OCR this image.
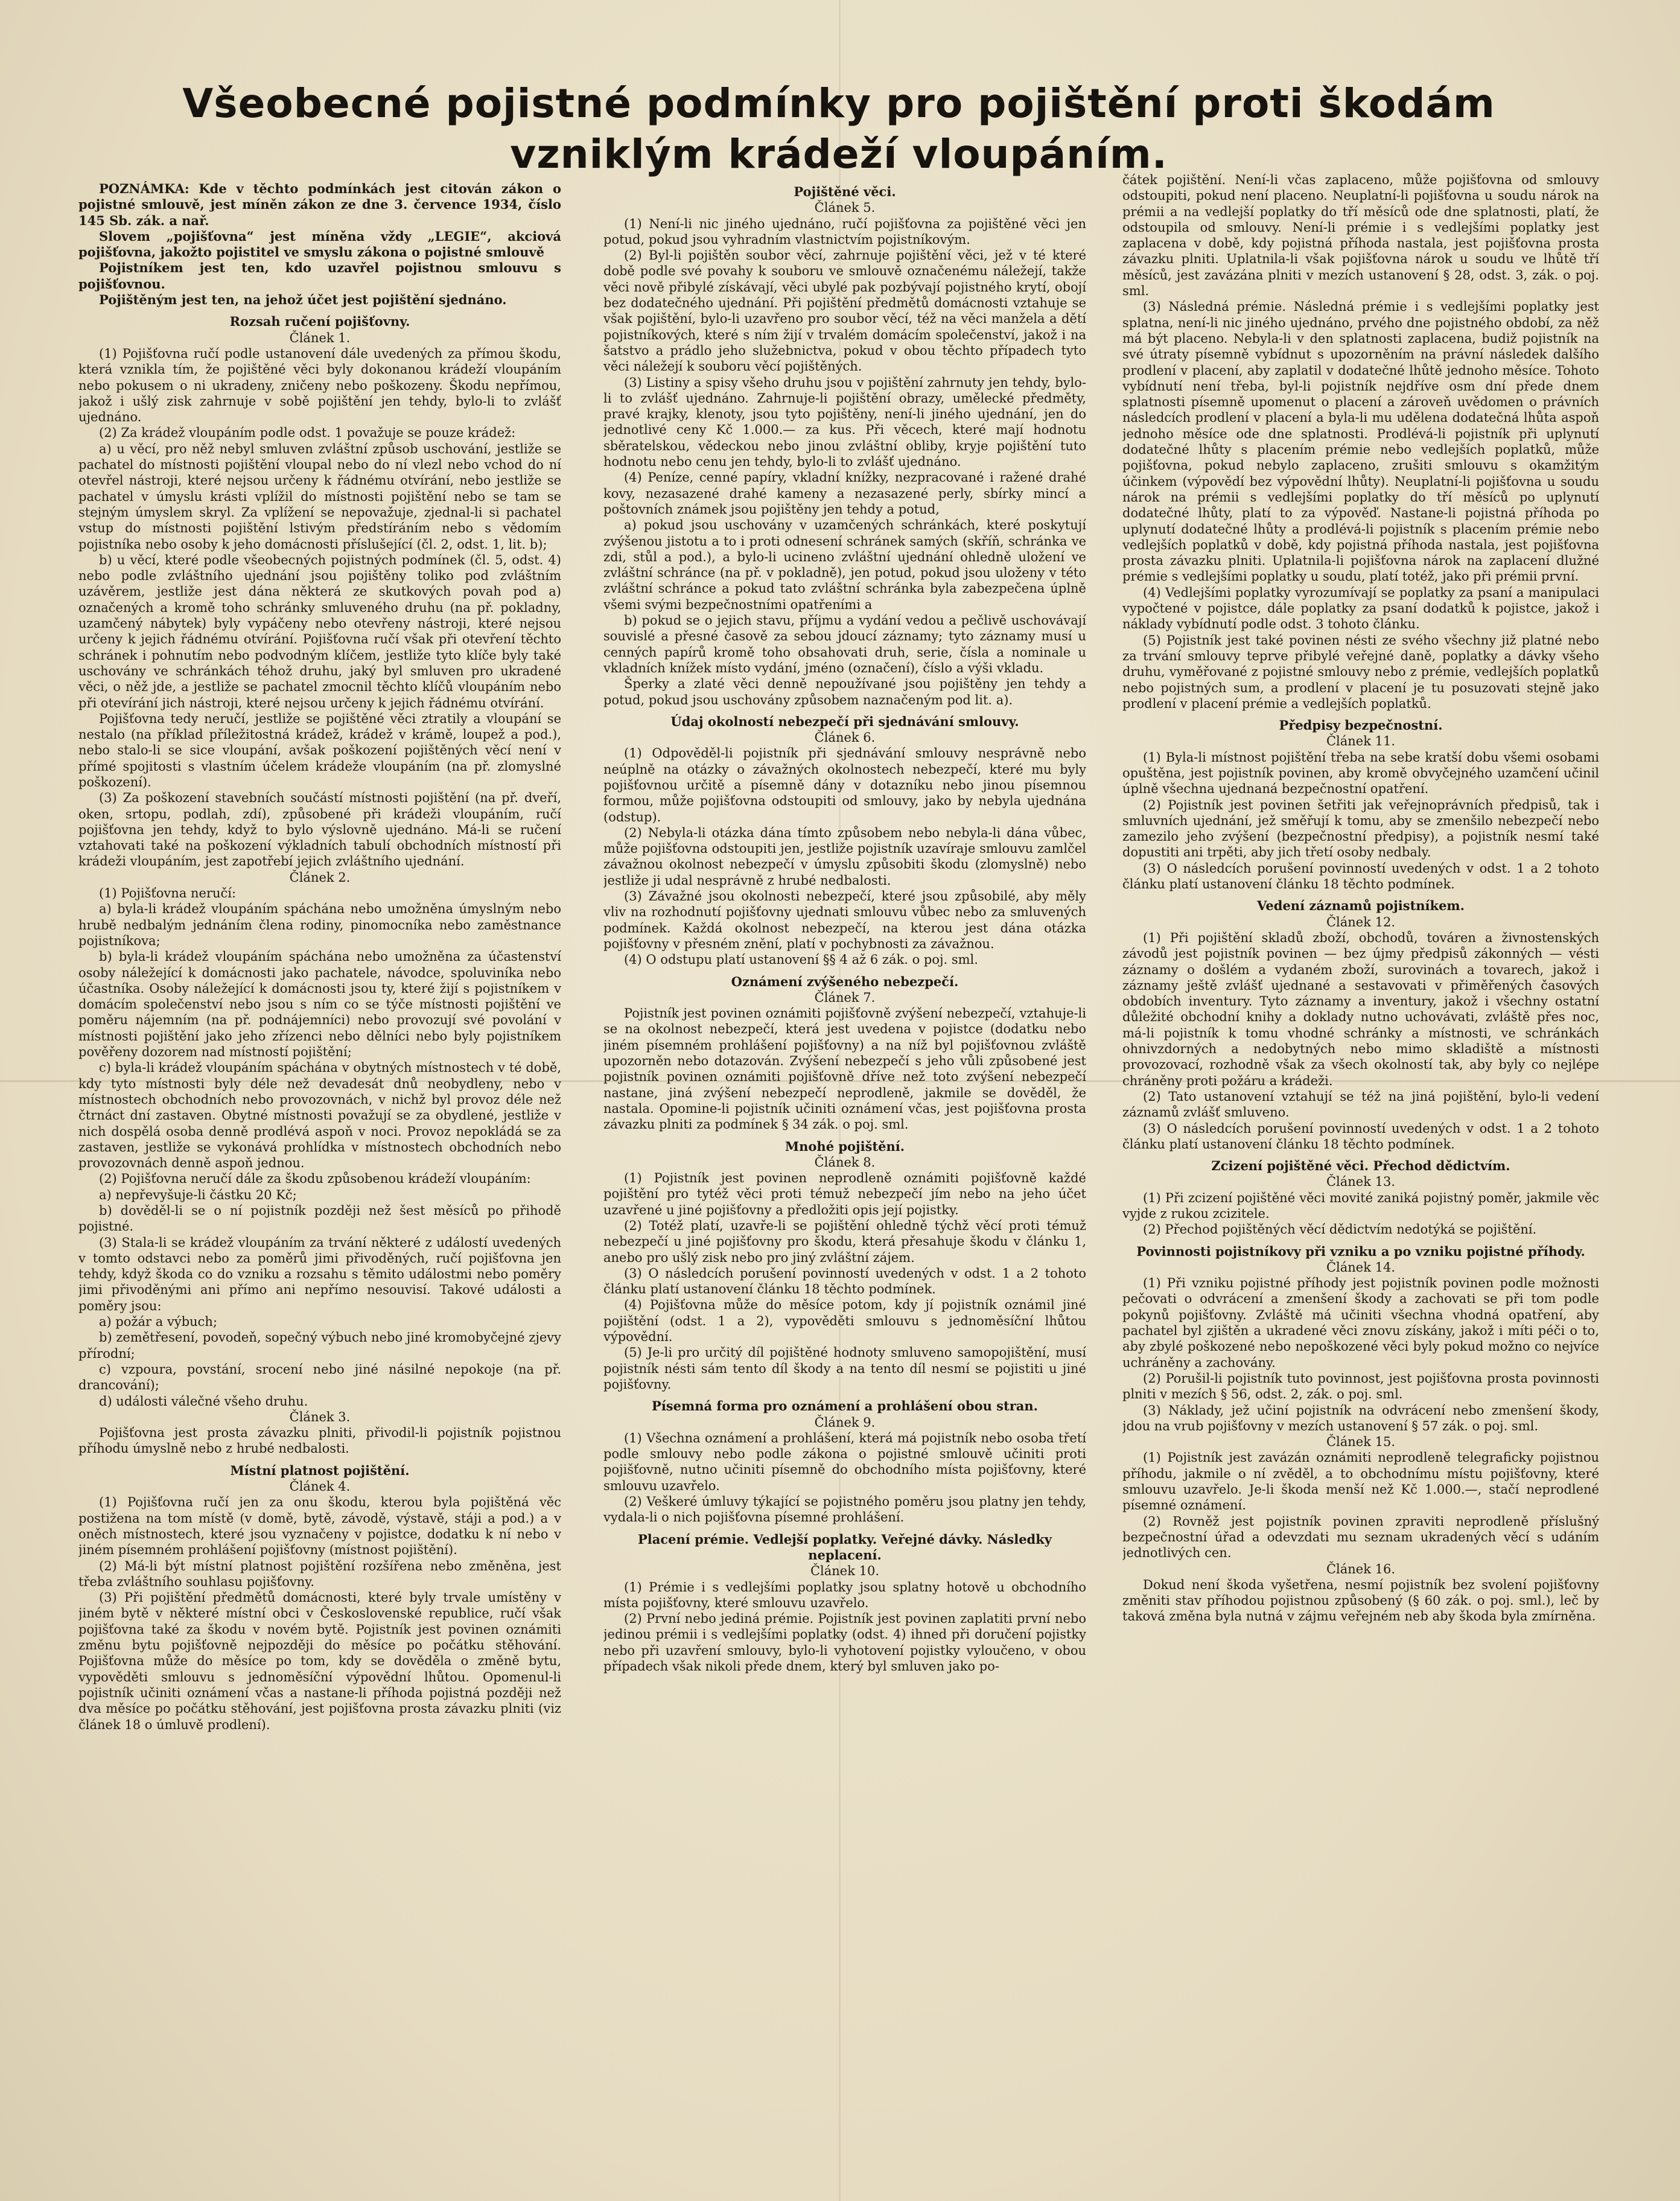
Všeobecné pojistné podmínky pro pojištění proti škodám vzniklým krádeží vloupáním.

POZNÁMKA: Kde v těchto podmínkách jest citován zákon o pojistné smlouvě, jest míněn zákon ze dne 3. července 1934, číslo 145 Sb. zák. a nař.

Slovem „pojišťovna“ jest míněna vždy „LEGIE“, akciová pojišťovna, jakožto pojistitel ve smyslu zákona o pojistné smlouvě

Pojistníkem jest ten, kdo uzavřel pojistnou smlouvu s pojišťovnou.

Pojištěným jest ten, na jehož účet jest pojištění sjednáno.

Rozsah ručení pojišťovny.

Článek 1.

(1) Pojišťovna ručí podle ustanovení dále uvedených za přímou škodu, která vznikla tím, že pojištěné věci byly dokonanou krádeží vloupáním nebo pokusem o ni ukradeny, zničeny nebo poškozeny. Škodu nepřímou, jakož i ušlý zisk zahrnuje v sobě pojištění jen tehdy, bylo-li to zvlášť ujednáno.

(2) Za krádež vloupáním podle odst. 1 považuje se pouze krádež:

a) u věcí, pro něž nebyl smluven zvláštní způsob uschování, jestliže se pachatel do místnosti pojištění vloupal nebo do ní vlezl nebo vchod do ní otevřel nástroji, které nejsou určeny k řádnému otvírání, nebo jestliže se pachatel v úmyslu krásti vplížil do místnosti pojištění nebo se tam se stejným úmyslem skryl. Za vplížení se nepovažuje, zjednal-li si pachatel vstup do místnosti pojištění lstivým předstíráním nebo s vědomím pojistníka nebo osoby k jeho domácnosti příslušející (čl. 2, odst. 1, lit. b);

b) u věcí, které podle všeobecných pojistných podmínek (čl. 5, odst. 4) nebo podle zvláštního ujednání jsou pojištěny toliko pod zvláštním uzávěrem, jestliže jest dána některá ze skutkových povah pod a) označených a kromě toho schránky smluveného druhu (na př. pokladny, uzamčený nábytek) byly vypáčeny nebo otevřeny nástroji, které nejsou určeny k jejich řádnému otvírání. Pojišťovna ručí však při otevření těchto schránek i pohnutím nebo podvodným klíčem, jestliže tyto klíče byly také uschovány ve schránkách téhož druhu, jaký byl smluven pro ukradené věci, o něž jde, a jestliže se pachatel zmocnil těchto klíčů vloupáním nebo při otevírání jich nástroji, které nejsou určeny k jejich řádnému otvírání.

Pojišťovna tedy neručí, jestliže se pojištěné věci ztratily a vloupání se nestalo (na příklad příležitostná krádež, krádež v krámě, loupež a pod.), nebo stalo-li se sice vloupání, avšak poškození pojištěných věcí není v přímé spojitosti s vlastním účelem krádeže vloupáním (na př. zlomyslné poškození).

(3) Za poškození stavebních součástí místnosti pojištění (na př. dveří, oken, srtopu, podlah, zdí), způsobené při krádeži vloupáním, ručí pojišťovna jen tehdy, když to bylo výslovně ujednáno. Má-li se ručení vztahovati také na poškození výkladních tabulí obchodních místností při krádeži vloupáním, jest zapotřebí jejich zvláštního ujednání.

Článek 2.

(1) Pojišťovna neručí:

a) byla-li krádež vloupáním spáchána nebo umožněna úmyslným nebo hrubě nedbalým jednáním člena rodiny, pinomocníka nebo zaměstnance pojistníkova;

b) byla-li krádež vloupáním spáchána nebo umožněna za účastenství osoby náležející k domácnosti jako pachatele, návodce, spoluviníka nebo účastníka. Osoby náležející k domácnosti jsou ty, které žijí s pojistníkem v domácím společenství nebo jsou s ním co se týče místnosti pojištění ve poměru nájemním (na př. podnájemníci) nebo provozují své povolání v místnosti pojištění jako jeho zřízenci nebo dělníci nebo byly pojistníkem pověřeny dozorem nad místností pojištění;

c) byla-li krádež vloupáním spáchána v obytných místnostech v té době, kdy tyto místnosti byly déle než devadesát dnů neobydleny, nebo v místnostech obchodních nebo provozovnách, v nichž byl provoz déle než čtrnáct dní zastaven. Obytné místnosti považují se za obydlené, jestliže v nich dospělá osoba denně prodlévá aspoň v noci. Provoz nepokládá se za zastaven, jestliže se vykonává prohlídka v místnostech obchodních nebo provozovnách denně aspoň jednou.

(2) Pojišťovna neručí dále za škodu způsobenou krádeží vloupáním:

a) nepřevyšuje-li částku 20 Kč;

b) dověděl-li se o ní pojistník později než šest měsíců po přihodě pojistné.

(3) Stala-li se krádež vloupáním za trvání některé z událostí uvedených v tomto odstavci nebo za poměrů jimi přivoděných, ručí pojišťovna jen tehdy, když škoda co do vzniku a rozsahu s těmito událostmi nebo poměry jimi přivoděnými ani přímo ani nepřímo nesouvisí. Takové události a poměry jsou:

a) požár a výbuch;

b) zemětřesení, povodeň, sopečný výbuch nebo jiné kromobyčejné zjevy přírodní;

c) vzpoura, povstání, srocení nebo jiné násilné nepokoje (na př. drancování);

d) události válečné všeho druhu.

Článek 3.

Pojišťovna jest prosta závazku plniti, přivodil-li pojistník pojistnou příhodu úmyslně nebo z hrubé nedbalosti.

Místní platnost pojištění.

Článek 4.

(1) Pojišťovna ručí jen za onu škodu, kterou byla pojištěná věc postižena na tom místě (v domě, bytě, závodě, výstavě, stáji a pod.) a v oněch místnostech, které jsou vyznačeny v pojistce, dodatku k ní nebo v jiném písemném prohlášení pojišťovny (místnost pojištění).

(2) Má-li být místní platnost pojištění rozšířena nebo změněna, jest třeba zvláštního souhlasu pojišťovny.

(3) Při pojištění předmětů domácnosti, které byly trvale umístěny v jiném bytě v některé místní obci v Československé republice, ručí však pojišťovna také za škodu v novém bytě. Pojistník jest povinen oznámiti změnu bytu pojišťovně nejpozději do měsíce po počátku stěhování. Pojišťovna může do měsíce po tom, kdy se dověděla o změně bytu, vypověděti smlouvu s jednoměsíční výpovědní lhůtou. Opomenul-li pojistník učiniti oznámení včas a nastane-li příhoda pojistná později než dva měsíce po počátku stěhování, jest pojišťovna prosta závazku plniti (viz článek 18 o úmluvě prodlení).

Pojištěné věci.

Článek 5.

(1) Není-li nic jiného ujednáno, ručí pojišťovna za pojištěné věci jen potud, pokud jsou vyhradním vlastnictvím pojistníkovým.

(2) Byl-li pojištěn soubor věcí, zahrnuje pojištění věci, jež v té které době podle své povahy k souboru ve smlouvě označenému náležejí, takže věci nově přibylé získávají, věci ubylé pak pozbývají pojistného krytí, obojí bez dodatečného ujednání. Při pojištění předmětů domácnosti vztahuje se však pojištění, bylo-li uzavřeno pro soubor věcí, též na věci manžela a dětí pojistníkových, které s ním žijí v trvalém domácím společenství, jakož i na šatstvo a prádlo jeho služebnictva, pokud v obou těchto případech tyto věci náležejí k souboru věcí pojištěných.

(3) Listiny a spisy všeho druhu jsou v pojištění zahrnuty jen tehdy, bylo-li to zvlášť ujednáno. Zahrnuje-li pojištění obrazy, umělecké předměty, pravé krajky, klenoty, jsou tyto pojištěny, není-li jiného ujednání, jen do jednotlivé ceny Kč 1.000.— za kus. Při věcech, které mají hodnotu sběratelskou, vědeckou nebo jinou zvláštní obliby, kryje pojištění tuto hodnotu nebo cenu jen tehdy, bylo-li to zvlášť ujednáno.

(4) Peníze, cenné papíry, vkladní knížky, nezpracované i ražené drahé kovy, nezasazené drahé kameny a nezasazené perly, sbírky mincí a poštovních známek jsou pojištěny jen tehdy a potud,

a) pokud jsou uschovány v uzamčených schránkách, které poskytují zvýšenou jistotu a to i proti odnesení schránek samých (skříň, schránka ve zdi, stůl a pod.), a bylo-li ucineno zvláštní ujednání ohledně uložení ve zvláštní schránce (na př. v pokladně), jen potud, pokud jsou uloženy v této zvláštní schránce a pokud tato zvláštní schránka byla zabezpečena úplně všemi svými bezpečnostními opatřeními a

b) pokud se o jejich stavu, příjmu a vydání vedou a pečlivě uschovávají souvislé a přesné časově za sebou jdoucí záznamy; tyto záznamy musí u cenných papírů kromě toho obsahovati druh, serie, čísla a nominale u vkladních knížek místo vydání, jméno (označení), číslo a výši vkladu.

Šperky a zlaté věci denně nepoužívané jsou pojištěny jen tehdy a potud, pokud jsou uschovány způsobem naznačeným pod lit. a).

Údaj okolností nebezpečí při sjednávání smlouvy.

Článek 6.

(1) Odpověděl-li pojistník při sjednávání smlouvy nesprávně nebo neúplně na otázky o závažných okolnostech nebezpečí, které mu byly pojišťovnou určitě a písemně dány v dotazníku nebo jinou písemnou formou, může pojišťovna odstoupiti od smlouvy, jako by nebyla ujednána (odstup).

(2) Nebyla-li otázka dána tímto způsobem nebo nebyla-li dána vůbec, může pojišťovna odstoupiti jen, jestliže pojistník uzavíraje smlouvu zamlčel závažnou okolnost nebezpečí v úmyslu způsobiti škodu (zlomyslně) nebo jestliže ji udal nesprávně z hrubé nedbalosti.

(3) Závažné jsou okolnosti nebezpečí, které jsou způsobilé, aby měly vliv na rozhodnutí pojišťovny ujednati smlouvu vůbec nebo za smluvených podmínek. Každá okolnost nebezpečí, na kterou jest dána otázka pojišťovny v přesném znění, platí v pochybnosti za závažnou.

(4) O odstupu platí ustanovení §§ 4 až 6 zák. o poj. sml.

Oznámení zvýšeného nebezpečí.

Článek 7.

Pojistník jest povinen oznámiti pojišťovně zvýšení nebezpečí, vztahuje-li se na okolnost nebezpečí, která jest uvedena v pojistce (dodatku nebo jiném písemném prohlášení pojišťovny) a na níž byl pojišťovnou zvláště upozorněn nebo dotazován. Zvýšení nebezpečí s jeho vůli způsobené jest pojistník povinen oznámiti pojišťovně dříve než toto zvýšení nebezpečí nastane, jiná zvýšení nebezpečí neprodleně, jakmile se dověděl, že nastala. Opomine-li pojistník učiniti oznámení včas, jest pojišťovna prosta závazku plniti za podmínek § 34 zák. o poj. sml.

Mnohé pojištění.

Článek 8.

(1) Pojistník jest povinen neprodleně oznámiti pojišťovně každé pojištění pro tytéž věci proti témuž nebezpečí jím nebo na jeho účet uzavřené u jiné pojišťovny a předložiti opis její pojistky.

(2) Totéž platí, uzavře-li se pojištění ohledně týchž věcí proti témuž nebezpečí u jiné pojišťovny pro škodu, která přesahuje škodu v článku 1, anebo pro ušlý zisk nebo pro jiný zvláštní zájem.

(3) O následcích porušení povinností uvedených v odst. 1 a 2 tohoto článku platí ustanovení článku 18 těchto podmínek.

(4) Pojišťovna může do měsíce potom, kdy jí pojistník oznámil jiné pojištění (odst. 1 a 2), vypověděti smlouvu s jednoměsíční lhůtou výpovědní.

(5) Je-li pro určitý díl pojištěné hodnoty smluveno samopojištění, musí pojistník nésti sám tento díl škody a na tento díl nesmí se pojistiti u jiné pojišťovny.

Písemná forma pro oznámení a prohlášení obou stran.

Článek 9.

(1) Všechna oznámení a prohlášení, která má pojistník nebo osoba třetí podle smlouvy nebo podle zákona o pojistné smlouvě učiniti proti pojišťovně, nutno učiniti písemně do obchodního místa pojišťovny, které smlouvu uzavřelo.

(2) Veškeré úmluvy týkající se pojistného poměru jsou platny jen tehdy, vydala-li o nich pojišťovna písemné prohlášení.

Placení prémie. Vedlejší poplatky. Veřejné dávky. Následky neplacení.

Článek 10.

(1) Prémie i s vedlejšími poplatky jsou splatny hotově u obchodního místa pojišťovny, které smlouvu uzavřelo.

(2) První nebo jediná prémie. Pojistník jest povinen zaplatiti první nebo jedinou prémii i s vedlejšími poplatky (odst. 4) ihned při doručení pojistky nebo při uzavření smlouvy, bylo-li vyhotovení pojistky vyloučeno, v obou případech však nikoli předе dnem, který byl smluven jako po-

čátek pojištění. Není-li včas zaplaceno, může pojišťovna od smlouvy odstoupiti, pokud není placeno. Neuplatní-li pojišťovna u soudu nárok na prémii a na vedlejší poplatky do tří měsíců ode dne splatnosti, platí, že odstoupila od smlouvy. Není-li prémie i s vedlejšími poplatky jest zaplacena v době, kdy pojistná příhoda nastala, jest pojišťovna prosta závazku plniti. Uplatnila-li však pojišťovna nárok u soudu ve lhůtě tří měsíců, jest zavázána plniti v mezích ustanovení § 28, odst. 3, zák. o poj. sml.

(3) Následná prémie. Následná prémie i s vedlejšími poplatky jest splatna, není-li nic jiného ujednáno, prvého dne pojistného období, za něž má být placeno. Nebyla-li v den splatnosti zaplacena, budiž pojistník na své útraty písemně vybídnut s upozorněním na právní následek dalšího prodlení v placení, aby zaplatil v dodatečné lhůtě jednoho měsíce. Tohoto vybídnutí není třeba, byl-li pojistník nejdříve osm dní přede dnem splatnosti písemně upomenut o placení a zároveň uvědomen o právních následcích prodlení v placení a byla-li mu udělena dodatečná lhůta aspoň jednoho měsíce ode dne splatnosti. Prodlévá-li pojistník při uplynutí dodatečné lhůty s placením prémie nebo vedlejších poplatků, může pojišťovna, pokud nebylo zaplaceno, zrušiti smlouvu s okamžitým účinkem (výpovědí bez výpovědní lhůty). Neuplatní-li pojišťovna u soudu nárok na prémii s vedlejšími poplatky do tří měsíců po uplynutí dodatečné lhůty, platí to za výpověď. Nastane-li pojistná příhoda po uplynutí dodatečné lhůty a prodlévá-li pojistník s placením prémie nebo vedlejších poplatků v době, kdy pojistná příhoda nastala, jest pojišťovna prosta závazku plniti. Uplatnila-li pojišťovna nárok na zaplacení dlužné prémie s vedlejšími poplatky u soudu, platí totéž, jako při prémii první.

(4) Vedlejšími poplatky vyrozumívají se poplatky za psaní a manipulaci vypočtené v pojistce, dále poplatky za psaní dodatků k pojistce, jakož i náklady vybídnutí podle odst. 3 tohoto článku.

(5) Pojistník jest také povinen nésti ze svého všechny již platné nebo za trvání smlouvy teprve přibylé veřejné daně, poplatky a dávky všeho druhu, vyměřované z pojistné smlouvy nebo z prémie, vedlejších poplatků nebo pojistných sum, a prodlení v placení je tu posuzovati stejně jako prodlení v placení prémie a vedlejších poplatků.

Předpisy bezpečnostní.

Článek 11.

(1) Byla-li místnost pojištění třeba na sebe kratší dobu všemi osobami opuštěna, jest pojistník povinen, aby kromě obvyčejného uzamčení učinil úplně všechna ujednaná bezpečnostní opatření.

(2) Pojistník jest povinen šetřiti jak veřejnoprávních předpisů, tak i smluvních ujednání, jež směřují k tomu, aby se zmenšilo nebezpečí nebo zamezilo jeho zvýšení (bezpečnostní předpisy), a pojistník nesmí také dopustiti ani trpěti, aby jich třetí osoby nedbaly.

(3) O následcích porušení povinností uvedených v odst. 1 a 2 tohoto článku platí ustanovení článku 18 těchto podmínek.

Vedení záznamů pojistníkem.

Článek 12.

(1) Při pojištění skladů zboží, obchodů, továren a živnostenských závodů jest pojistník povinen — bez újmy předpisů zákonných — vésti záznamy o došlém a vydaném zboží, surovinách a tovarech, jakož i záznamy ještě zvlášť ujednané a sestavovati v přiměřených časových obdobích inventury. Tyto záznamy a inventury, jakož i všechny ostatní důležité obchodní knihy a doklady nutno uchovávati, zvláště přes noc, má-li pojistník k tomu vhodné schránky a místnosti, ve schránkách ohnivzdorných a nedobytných nebo mimo skladiště a místnosti provozovací, rozhodně však za všech okolností tak, aby byly co nejlépe chráněny proti požáru a krádeži.

(2) Tato ustanovení vztahují se též na jiná pojištění, bylo-li vedení záznamů zvlášť smluveno.

(3) O následcích porušení povinností uvedených v odst. 1 a 2 tohoto článku platí ustanovení článku 18 těchto podmínek.

Zcizení pojištěné věci. Přechod dědictvím.

Článek 13.

(1) Při zcizení pojištěné věci movité zaniká pojistný poměr, jakmile věc vyjde z rukou zcizitele.

(2) Přechod pojištěných věcí dědictvím nedotýká se pojištění.

Povinnosti pojistníkovy při vzniku a po vzniku pojistné příhody.

Článek 14.

(1) Při vzniku pojistné příhody jest pojistník povinen podle možnosti pečovati o odvrácení a zmenšení škody a zachovati se při tom podle pokynů pojišťovny. Zvláště má učiniti všechna vhodná opatření, aby pachatel byl zjištěn a ukradené věci znovu získány, jakož i míti péči o to, aby zbylé poškozené nebo nepoškozené věci byly pokud možno co nejvíce uchráněny a zachovány.

(2) Porušil-li pojistník tuto povinnost, jest pojišťovna prosta povinnosti plniti v mezích § 56, odst. 2, zák. o poj. sml.

(3) Náklady, jež učiní pojistník na odvrácení nebo zmenšení škody, jdou na vrub pojišťovny v mezích ustanovení § 57 zák. o poj. sml.

Článek 15.

(1) Pojistník jest zavázán oznámiti neprodleně telegraficky pojistnou příhodu, jakmile o ní zvěděl, a to obchodnímu místu pojišťovny, které smlouvu uzavřelo. Je-li škoda menší než Kč 1.000.—, stačí neprodlené písemné oznámení.

(2) Rovněž jest pojistník povinen zpraviti neprodleně příslušný bezpečnostní úřad a odevzdati mu seznam ukradených věcí s udáním jednotlivých cen.

Článek 16.

Dokud není škoda vyšetřena, nesmí pojistník bez svolení pojišťovny změniti stav příhodou pojistnou způsobený (§ 60 zák. o poj. sml.), leč by taková změna byla nutná v zájmu veřejném neb aby škoda byla zmírněna.
